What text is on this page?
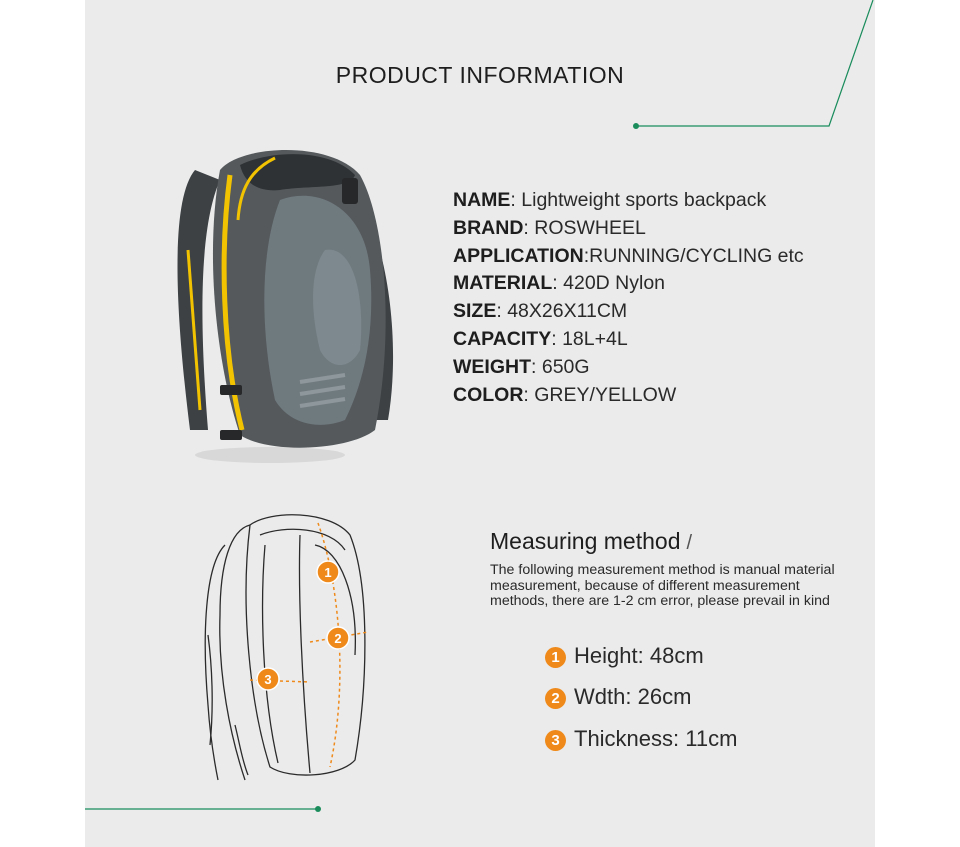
PRODUCT INFORMATION
1
2
3
NAME: Lightweight sports backpack
BRAND: ROSWHEEL
APPLICATION:RUNNING/CYCLING etc
MATERIAL: 420D Nylon
SIZE: 48X26X11CM
CAPACITY: 18L+4L
WEIGHT: 650G
COLOR: GREY/YELLOW
Measuring method /
The following measurement method is manual material measurement, because of different measurement methods, there are 1-2 cm error, please prevail in kind
1 Height: 48cm
2 Wdth: 26cm
3 Thickness: 11cm
